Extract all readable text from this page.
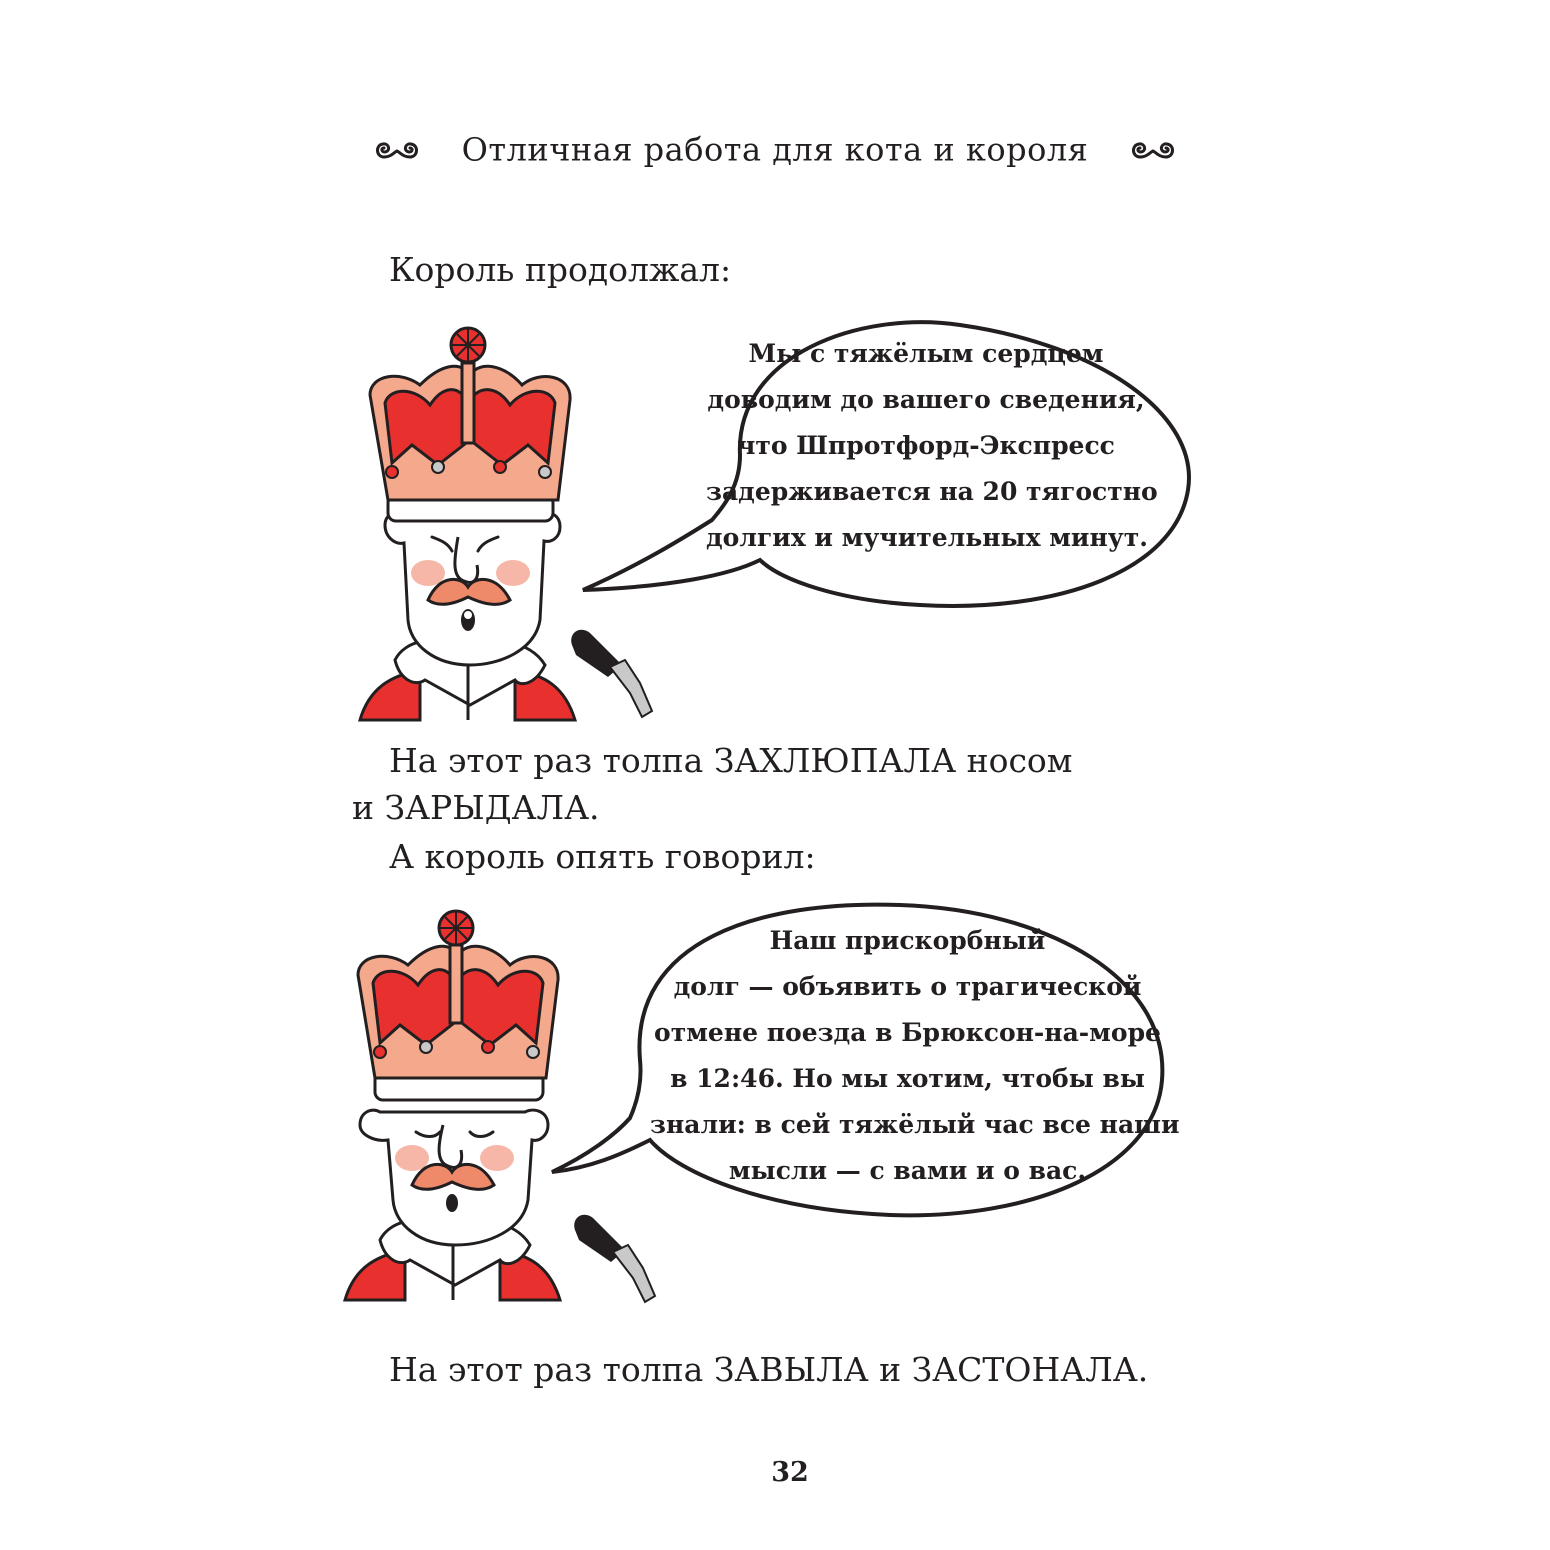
Отличная работа для кота и короля
Король продолжал:
Мы с тяжёлым сердцем
доводим до вашего сведения,
что Шпротфорд-Экспресс
задерживается на 20 тягостно
долгих и мучительных минут.
На этот раз толпа ЗАХЛЮПАЛА носом
и ЗАРЫДАЛА.
А король опять говорил:
Наш прискорбный
долг — объявить о трагической
отмене поезда в Брюксон-на-море
в 12:46. Но мы хотим, чтобы вы
знали: в сей тяжёлый час все наши
мысли — с вами и о вас.
На этот раз толпа ЗАВЫЛА и ЗАСТОНАЛА.
32
